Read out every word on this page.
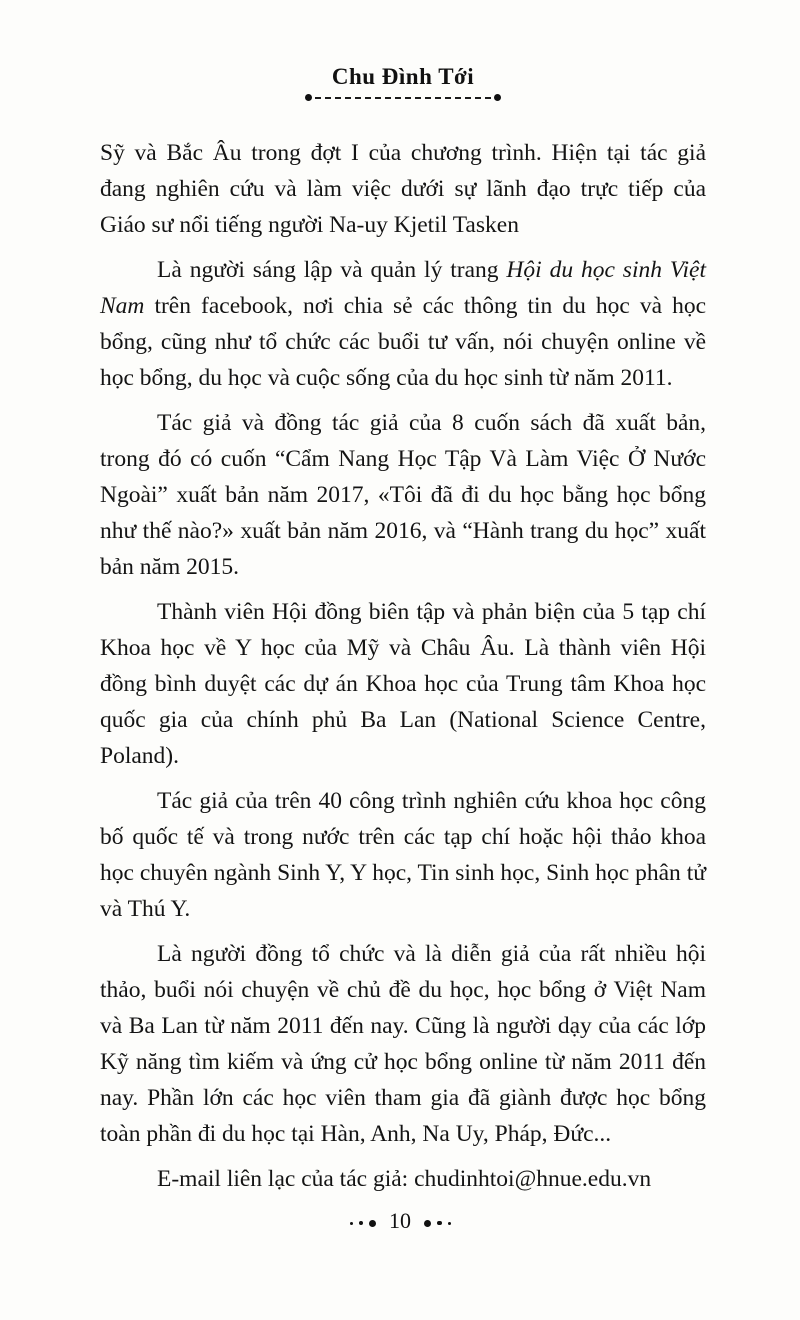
Chu Đình Tới

Sỹ và Bắc Âu trong đợt I của chương trình. Hiện tại tác giả đang nghiên cứu và làm việc dưới sự lãnh đạo trực tiếp của Giáo sư nổi tiếng người Na-uy Kjetil Tasken

Là người sáng lập và quản lý trang Hội du học sinh Việt Nam trên facebook, nơi chia sẻ các thông tin du học và học bổng, cũng như tổ chức các buổi tư vấn, nói chuyện online về học bổng, du học và cuộc sống của du học sinh từ năm 2011.

Tác giả và đồng tác giả của 8 cuốn sách đã xuất bản, trong đó có cuốn “Cẩm Nang Học Tập Và Làm Việc Ở Nước Ngoài” xuất bản năm 2017, «Tôi đã đi du học bằng học bổng như thế nào?» xuất bản năm 2016, và “Hành trang du học” xuất bản năm 2015.

Thành viên Hội đồng biên tập và phản biện của 5 tạp chí Khoa học về Y học của Mỹ và Châu Âu. Là thành viên Hội đồng bình duyệt các dự án Khoa học của Trung tâm Khoa học quốc gia của chính phủ Ba Lan (National Science Centre, Poland).

Tác giả của trên 40 công trình nghiên cứu khoa học công bố quốc tế và trong nước trên các tạp chí hoặc hội thảo khoa học chuyên ngành Sinh Y, Y học, Tin sinh học, Sinh học phân tử và Thú Y.

Là người đồng tổ chức và là diễn giả của rất nhiều hội thảo, buổi nói chuyện về chủ đề du học, học bổng ở Việt Nam và Ba Lan từ năm 2011 đến nay. Cũng là người dạy của các lớp Kỹ năng tìm kiếm và ứng cử học bổng online từ năm 2011 đến nay. Phần lớn các học viên tham gia đã giành được học bổng toàn phần đi du học tại Hàn, Anh, Na Uy, Pháp, Đức...

E-mail liên lạc của tác giả: chudinhtoi@hnue.edu.vn

10
